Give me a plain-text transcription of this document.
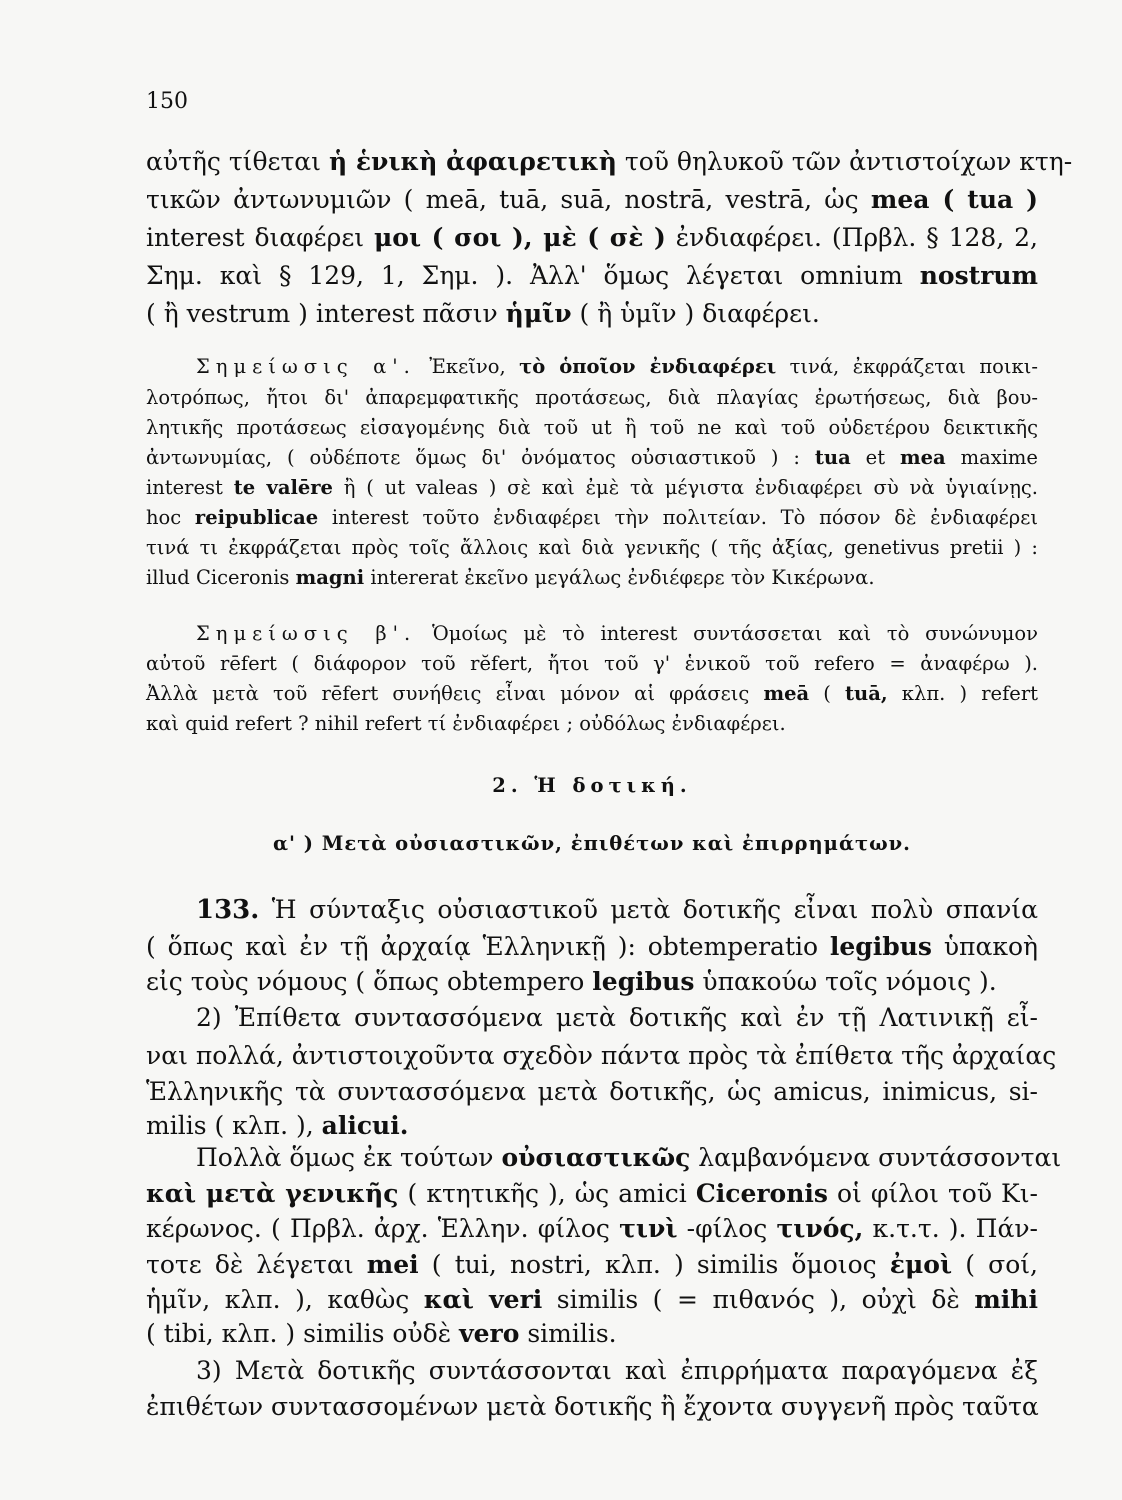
150
αὐτῆς τίθεται ἡ ἑνικὴ ἀφαιρετικὴ τοῦ θηλυκοῦ τῶν ἀντιστοίχων κτη-
τικῶν ἀντωνυμιῶν ( meā, tuā, suā, nostrā, vestrā, ὡς mea ( tua )
interest διαφέρει μοι ( σοι ), μὲ ( σὲ ) ἐνδιαφέρει. (Πρβλ. § 128, 2,
Σημ. καὶ § 129, 1, Σημ. ). Ἀλλ' ὅμως λέγεται omnium nostrum
( ἢ vestrum ) interest πᾶσιν ἡμῖν ( ἢ ὑμῖν ) διαφέρει.
Σημείωσις α'. Ἐκεῖνο, τὸ ὁποῖον ἐνδιαφέρει τινά, ἐκφράζεται ποικι-
λοτρόπως, ἤτοι δι' ἀπαρεμφατικῆς προτάσεως, διὰ πλαγίας ἐρωτήσεως, διὰ βου-
λητικῆς προτάσεως εἰσαγομένης διὰ τοῦ ut ἢ τοῦ ne καὶ τοῦ οὐδετέρου δεικτικῆς
ἀντωνυμίας, ( οὐδέποτε ὅμως δι' ὀνόματος οὐσιαστικοῦ ) : tua et mea maxime
interest te valēre ἢ ( ut valeas ) σὲ καὶ ἐμὲ τὰ μέγιστα ἐνδιαφέρει σὺ νὰ ὑγιαίνῃς.
hoc reipublicae interest τοῦτο ἐνδιαφέρει τὴν πολιτείαν. Τὸ πόσον δὲ ἐνδιαφέρει
τινά τι ἐκφράζεται πρὸς τοῖς ἄλλοις καὶ διὰ γενικῆς ( τῆς ἀξίας, genetivus pretii ) :
illud Ciceronis magni intererat ἐκεῖνο μεγάλως ἐνδιέφερε τὸν Κικέρωνα.
Σημείωσις β'. Ὁμοίως μὲ τὸ interest συντάσσεται καὶ τὸ συνώνυμον
αὐτοῦ rēfert ( διάφορον τοῦ rĕfert, ἤτοι τοῦ γ' ἑνικοῦ τοῦ refero = ἀναφέρω ).
Ἀλλὰ μετὰ τοῦ rēfert συνήθεις εἶναι μόνον αἱ φράσεις meā ( tuā, κλπ. ) refert
καὶ quid refert ? nihil refert τί ἐνδιαφέρει ; οὐδόλως ἐνδιαφέρει.
2. Ἡ δοτική.
α' ) Μετὰ οὐσιαστικῶν, ἐπιθέτων καὶ ἐπιρρημάτων.
133. Ἡ σύνταξις οὐσιαστικοῦ μετὰ δοτικῆς εἶναι πολὺ σπανία
( ὅπως καὶ ἐν τῇ ἀρχαίᾳ Ἑλληνικῇ ): obtemperatio legibus ὑπακοὴ
εἰς τοὺς νόμους ( ὅπως obtempero legibus ὑπακούω τοῖς νόμοις ).
2) Ἐπίθετα συντασσόμενα μετὰ δοτικῆς καὶ ἐν τῇ Λατινικῇ εἶ-
ναι πολλά, ἀντιστοιχοῦντα σχεδὸν πάντα πρὸς τὰ ἐπίθετα τῆς ἀρχαίας
Ἑλληνικῆς τὰ συντασσόμενα μετὰ δοτικῆς, ὡς amicus, inimicus, si-
milis ( κλπ. ), alicui.
Πολλὰ ὅμως ἐκ τούτων οὐσιαστικῶς λαμβανόμενα συντάσσονται
καὶ μετὰ γενικῆς ( κτητικῆς ), ὡς amici Ciceronis οἱ φίλοι τοῦ Κι-
κέρωνος. ( Πρβλ. ἀρχ. Ἑλλην. φίλος τινὶ -φίλος τινός, κ.τ.τ. ). Πάν-
τοτε δὲ λέγεται mei ( tui, nostri, κλπ. ) similis ὅμοιος ἐμοὶ ( σοί,
ἡμῖν, κλπ. ), καθὼς καὶ veri similis ( = πιθανός ), οὐχὶ δὲ mihi
( tibi, κλπ. ) similis οὐδὲ vero similis.
3) Μετὰ δοτικῆς συντάσσονται καὶ ἐπιρρήματα παραγόμενα ἐξ
ἐπιθέτων συντασσομένων μετὰ δοτικῆς ἢ ἔχοντα συγγενῆ πρὸς ταῦτα
